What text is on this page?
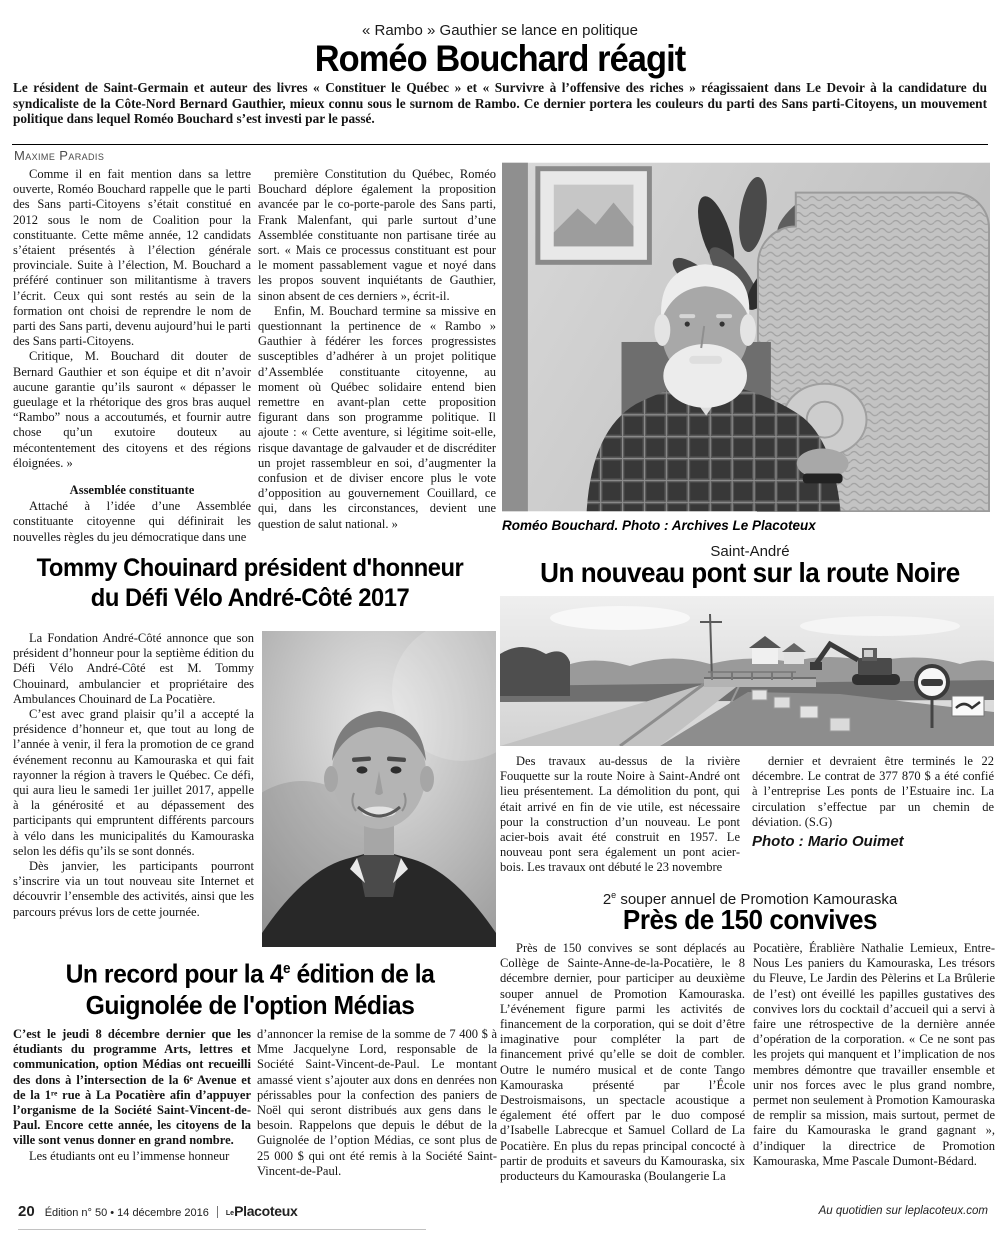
« Rambo » Gauthier se lance en politique
Roméo Bouchard réagit
Le résident de Saint-Germain et auteur des livres « Constituer le Québec » et « Survivre à l’offensive des riches » réagissaient dans Le Devoir à la candidature du syndicaliste de la Côte-Nord Bernard Gauthier, mieux connu sous le surnom de Rambo. Ce dernier portera les couleurs du parti des Sans parti-Citoyens, un mouvement politique dans lequel Roméo Bouchard s’est investi par le passé.
Maxime Paradis

Comme il en fait mention dans sa lettre ouverte, Roméo Bouchard rappelle que le parti des Sans parti-Citoyens s’était constitué en 2012 sous le nom de Coalition pour la constituante. Cette même année, 12 candidats s’étaient présentés à l’élection générale provinciale. Suite à l’élection, M. Bouchard a préféré continuer son militantisme à travers l’écrit. Ceux qui sont restés au sein de la formation ont choisi de reprendre le nom de parti des Sans parti, devenu aujourd’hui le parti des Sans parti-Citoyens.

Critique, M. Bouchard dit douter de Bernard Gauthier et son équipe et dit n’avoir aucune garantie qu’ils sauront « dépasser le gueulage et la rhétorique des gros bras auquel “Rambo” nous a accoutumés, et fournir autre chose qu’un exutoire douteux au mécontentement des citoyens et des régions éloignées. »

Assemblée constituante

Attaché à l’idée d’une Assemblée constituante citoyenne qui définirait les nouvelles règles du jeu démocratique dans une

première Constitution du Québec, Roméo Bouchard déplore également la proposition avancée par le co-porte-parole des Sans parti, Frank Malenfant, qui parle surtout d’une Assemblée constituante non partisane tirée au sort. « Mais ce processus constituant est pour le moment passablement vague et noyé dans les propos souvent inquiétants de Gauthier, sinon absent de ces derniers », écrit-il.

Enfin, M. Bouchard termine sa missive en questionnant la pertinence de « Rambo » Gauthier à fédérer les forces progressistes susceptibles d’adhérer à un projet politique d’Assemblée constituante citoyenne, au moment où Québec solidaire entend bien remettre en avant-plan cette proposition figurant dans son programme politique. Il ajoute : « Cette aventure, si légitime soit-elle, risque davantage de galvauder et de discréditer un projet rassembleur en soi, d’augmenter la confusion et de diviser encore plus le vote d’opposition au gouvernement Couillard, ce qui, dans les circonstances, devient une question de salut national. »	Roméo Bouchard. Photo : Archives Le Placoteux
Tommy Chouinard président d'honneur
du Défi Vélo André-Côté 2017

La Fondation André-Côté annonce que son président d’honneur pour la septième édition du Défi Vélo André-Côté est M. Tommy Chouinard, ambulancier et propriétaire des Ambulances Chouinard de La Pocatière.

C’est avec grand plaisir qu’il a accepté la présidence d’honneur et, que tout au long de l’année à venir, il fera la promotion de ce grand événement reconnu au Kamouraska et qui fait rayonner la région à travers le Québec. Ce défi, qui aura lieu le samedi 1er juillet 2017, appelle à la générosité et au dépassement des participants qui empruntent différents parcours à vélo dans les municipalités du Kamouraska selon les défis qu’ils se sont donnés.

Dès janvier, les participants pourront s’inscrire via un tout nouveau site Internet et découvrir l’ensemble des activités, ainsi que les parcours prévus lors de cette journée.

Saint-André
Un nouveau pont sur la route Noire

Des travaux au-dessus de la rivière Fouquette sur la route Noire à Saint-André ont lieu présentement. La démolition du pont, qui était arrivé en fin de vie utile, est nécessaire pour la construction d’un nouveau. Le pont acier-bois avait été construit en 1957. Le nouveau pont sera également un pont acier-bois. Les travaux ont débuté le 23 novembre

dernier et devraient être terminés le 22 décembre. Le contrat de 377 870 $ a été confié à l’entreprise Les ponts de l’Estuaire inc. La circulation s’effectue par un chemin de déviation. (S.G)

Photo : Mario Ouimet

2e souper annuel de Promotion Kamouraska
Près de 150 convives

Près de 150 convives se sont déplacés au Collège de Sainte-Anne-de-la-Pocatière, le 8 décembre dernier, pour participer au deuxième souper annuel de Promotion Kamouraska. L’événement figure parmi les activités de financement de la corporation, qui se doit d’être imaginative pour compléter la part de financement privé qu’elle se doit de combler. Outre le numéro musical et de conte Tango Kamouraska présenté par l’École Destroismaisons, un spectacle acoustique a également été offert par le duo composé d’Isabelle Labrecque et Samuel Collard de La Pocatière. En plus du repas principal concocté à partir de produits et saveurs du Kamouraska, six producteurs du Kamouraska (Boulangerie La

Pocatière, Érablière Nathalie Lemieux, Entre-Nous Les paniers du Kamouraska, Les trésors du Fleuve, Le Jardin des Pèlerins et La Brûlerie de l’est) ont éveillé les papilles gustatives des convives lors du cocktail d’accueil qui a servi à faire une rétrospective de la dernière année d’opération de la corporation. « Ce ne sont pas les projets qui manquent et l’implication de nos membres démontre que travailler ensemble et unir nos forces avec le plus grand nombre, permet non seulement à Promotion Kamouraska de remplir sa mission, mais surtout, permet de faire du Kamouraska le grand gagnant », d’indiquer la directrice de Promotion Kamouraska, Mme Pascale Dumont-Bédard.

Un record pour la 4e édition de la
Guignolée de l'option Médias

C’est le jeudi 8 décembre dernier que les étudiants du programme Arts, lettres et communication, option Médias ont recueilli des dons à l’intersection de la 6ᵉ Avenue et de la 1ʳᵉ rue à La Pocatière afin d’appuyer l’organisme de la Société Saint-Vincent-de-Paul. Encore cette année, les citoyens de la ville sont venus donner en grand nombre.

Les étudiants ont eu l’immense honneur

d’annoncer la remise de la somme de 7 400 $ à Mme Jacquelyne Lord, responsable de la Société Saint-Vincent-de-Paul. Le montant amassé vient s’ajouter aux dons en denrées non périssables pour la confection des paniers de Noël qui seront distribués aux gens dans le besoin. Rappelons que depuis le début de la Guignolée de l’option Médias, ce sont plus de 25 000 $ qui ont été remis à la Société Saint-Vincent-de-Paul.

20 Édition n° 50 • 14 décembre 2016 LePlacoteux	Au quotidien sur leplacoteux.com
